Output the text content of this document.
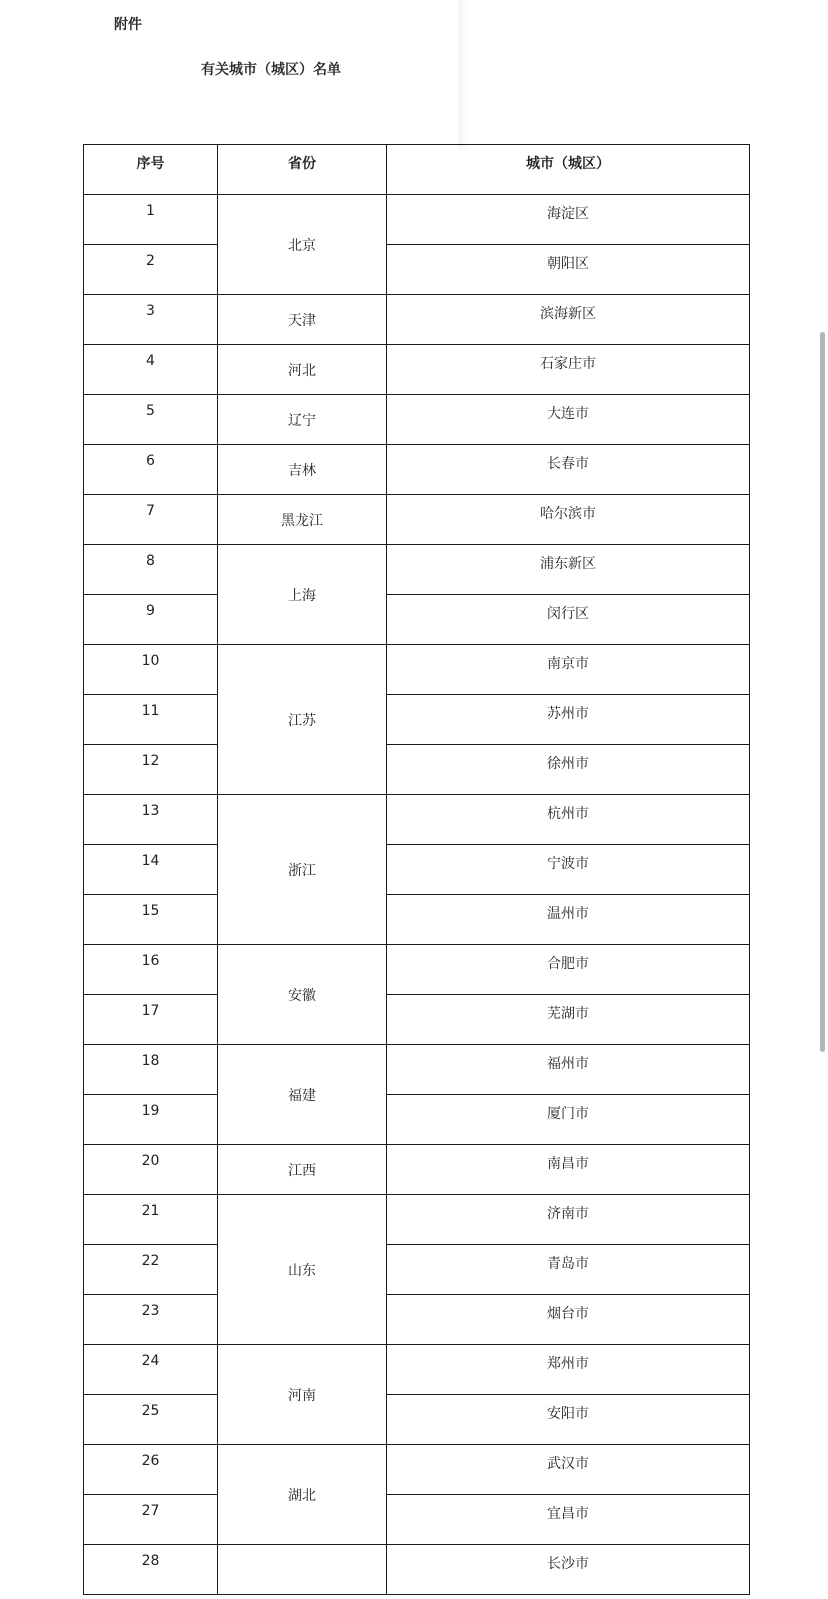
附件
有关城市（城区）名单
序号	省份	城市（城区）
1	北京	海淀区
2		朝阳区
3	天津	滨海新区
4	河北	石家庄市
5	辽宁	大连市
6	吉林	长春市
7	黑龙江	哈尔滨市
8	上海	浦东新区
9		闵行区
10	江苏	南京市
11		苏州市
12		徐州市
13	浙江	杭州市
14		宁波市
15		温州市
16	安徽	合肥市
17		芜湖市
18	福建	福州市
19		厦门市
20	江西	南昌市
21	山东	济南市
22		青岛市
23		烟台市
24	河南	郑州市
25		安阳市
26	湖北	武汉市
27		宜昌市
28		长沙市
